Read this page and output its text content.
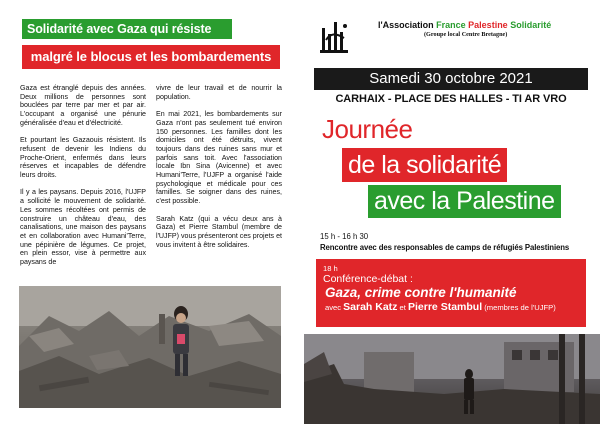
Solidarité avec Gaza qui résiste
malgré le blocus et les bombardements

Gaza est étranglé depuis des années. Deux millions de personnes sont bouclées par terre par mer et par air. L'occupant a organisé une pénurie généralisée d'eau et d'électricité.

Et pourtant les Gazaouis résistent. Ils refusent de devenir les Indiens du Proche-Orient, enfermés dans leurs réserves et incapables de défendre leurs droits.

Il y a les paysans. Depuis 2016, l'UJFP a sollicité le mouvement de solidarité. Les sommes récoltées ont permis de construire un château d'eau, des canalisations, une maison des paysans et en collaboration avec Humani'Terre, une pépinière de légumes. Ce projet, en plein essor, vise à permettre aux paysans de

vivre de leur travail et de nourrir la population.

En mai 2021, les bombardements sur Gaza n'ont pas seulement tué environ 150 personnes. Les familles dont les domiciles ont été détruits, vivent toujours dans des ruines sans mur et parfois sans toit. Avec l'association locale Ibn Sina (Avicenne) et avec Humani'Terre, l'UJFP a organisé l'aide psychologique et médicale pour ces familles. Se soigner dans des ruines, c'est possible.

Sarah Katz (qui a vécu deux ans à Gaza) et Pierre Stambul (membre de l'UJFP) vous présenteront ces projets et vous invitent à être solidaires.

l'Association France Palestine Solidarité
(Groupe local Centre Bretagne)
Samedi 30 octobre 2021
CARHAIX - PLACE DES HALLES - TI AR VRO
Journée
de la solidarité
avec la Palestine
15 h - 16 h 30
Rencontre avec des responsables de camps de réfugiés Palestiniens
18 h
Conférence-débat :
Gaza, crime contre l'humanité
avec Sarah Katz et Pierre Stambul (membres de l'UJFP)
